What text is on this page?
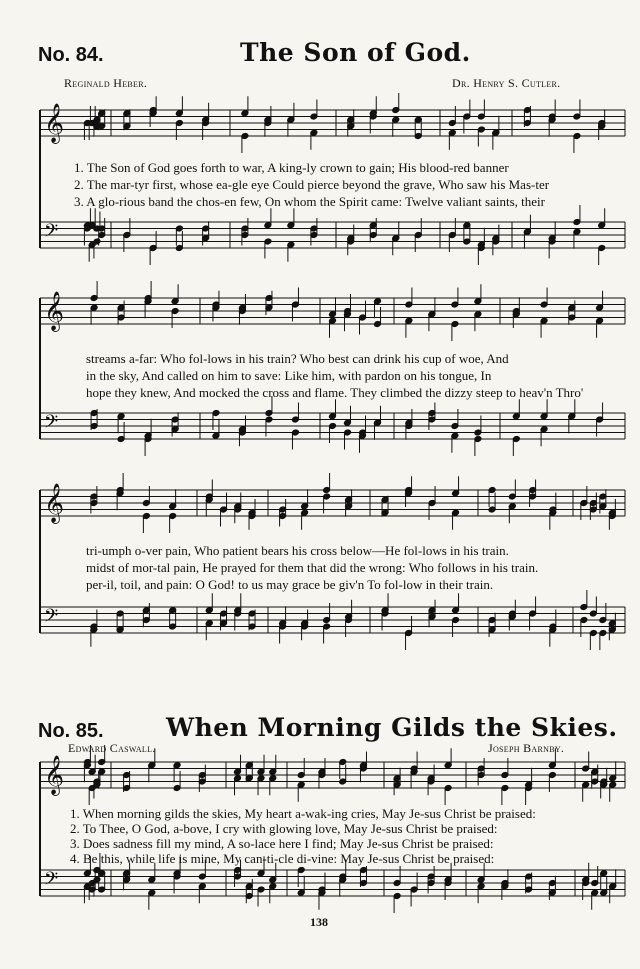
𝄞
𝄢
𝄞
𝄢
𝄞
𝄢
𝄞
𝄢
No. 84.	The Son of God.
Reginald Heber.	Dr. Henry S. Cutler.
1. The Son of God goes forth to war, A king-ly crown to gain; His blood-red banner
2. The mar-tyr first, whose ea-gle eye Could pierce beyond the grave, Who saw his Mas-ter
3. A glo-rious band the chos-en few, On whom the Spirit came: Twelve valiant saints, their
streams a-far: Who fol-lows in his train? Who best can drink his cup of woe, And
in the sky, And called on him to save: Like him, with pardon on his tongue, In
hope they knew, And mocked the cross and flame. They climbed the dizzy steep to heav'n Thro'
tri-umph o-ver pain, Who patient bears his cross below—He fol-lows in his train.
midst of mor-tal pain, He prayed for them that did the wrong: Who follows in his train.
per-il, toil, and pain: O God! to us may grace be giv'n To fol-low in their train.
No. 85. When Morning Gilds the Skies.
Edward Caswall.	Joseph Barnby.
1. When morning gilds the skies, My heart a-wak-ing cries, May Je-sus Christ be praised:
2. To Thee, O God, a-bove, I cry with glowing love, May Je-sus Christ be praised:
3. Does sadness fill my mind, A so-lace here I find; May Je-sus Christ be praised:
4. Be this, while life is mine, My can-ti-cle di-vine: May Je-sus Christ be praised:
138
